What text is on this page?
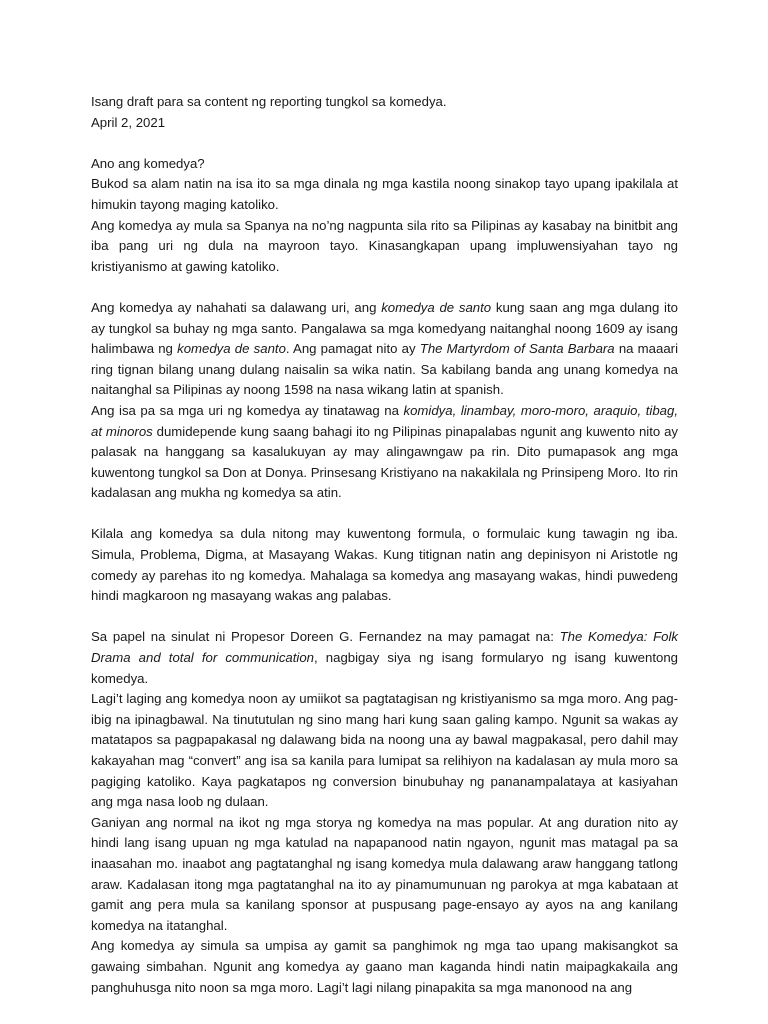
Isang draft para sa content ng reporting tungkol sa komedya.

April 2, 2021

Ano ang komedya?

Bukod sa alam natin na isa ito sa mga dinala ng mga kastila noong sinakop tayo upang ipakilala at himukin tayong maging katoliko.

Ang komedya ay mula sa Spanya na no’ng nagpunta sila rito sa Pilipinas ay kasabay na binitbit ang iba pang uri ng dula na mayroon tayo. Kinasangkapan upang impluwensiyahan tayo ng kristiyanismo at gawing katoliko.

Ang komedya ay nahahati sa dalawang uri, ang komedya de santo kung saan ang mga dulang ito ay tungkol sa buhay ng mga santo. Pangalawa sa mga komedyang naitanghal noong 1609 ay isang halimbawa ng komedya de santo. Ang pamagat nito ay The Martyrdom of Santa Barbara na maaari ring tignan bilang unang dulang naisalin sa wika natin. Sa kabilang banda ang unang komedya na naitanghal sa Pilipinas ay noong 1598 na nasa wikang latin at spanish.

Ang isa pa sa mga uri ng komedya ay tinatawag na komidya, linambay, moro-moro, araquio, tibag, at minoros dumidepende kung saang bahagi ito ng Pilipinas pinapalabas ngunit ang kuwento nito ay palasak na hanggang sa kasalukuyan ay may alingawngaw pa rin. Dito pumapasok ang mga kuwentong tungkol sa Don at Donya. Prinsesang Kristiyano na nakakilala ng Prinsipeng Moro. Ito rin kadalasan ang mukha ng komedya sa atin.

Kilala ang komedya sa dula nitong may kuwentong formula, o formulaic kung tawagin ng iba. Simula, Problema, Digma, at Masayang Wakas. Kung titignan natin ang depinisyon ni Aristotle ng comedy ay parehas ito ng komedya. Mahalaga sa komedya ang masayang wakas, hindi puwedeng hindi magkaroon ng masayang wakas ang palabas.

Sa papel na sinulat ni Propesor Doreen G. Fernandez na may pamagat na: The Komedya: Folk Drama and total for communication, nagbigay siya ng isang formularyo ng isang kuwentong komedya.

Lagi’t laging ang komedya noon ay umiikot sa pagtatagisan ng kristiyanismo sa mga moro. Ang pag-ibig na ipinagbawal. Na tinututulan ng sino mang hari kung saan galing kampo. Ngunit sa wakas ay matatapos sa pagpapakasal ng dalawang bida na noong una ay bawal magpakasal, pero dahil may kakayahan mag “convert” ang isa sa kanila para lumipat sa relihiyon na kadalasan ay mula moro sa pagiging katoliko. Kaya pagkatapos ng conversion binubuhay ng pananampalataya at kasiyahan ang mga nasa loob ng dulaan.

Ganiyan ang normal na ikot ng mga storya ng komedya na mas popular. At ang duration nito ay hindi lang isang upuan ng mga katulad na napapanood natin ngayon, ngunit mas matagal pa sa inaasahan mo. inaabot ang pagtatanghal ng isang komedya mula dalawang araw hanggang tatlong araw. Kadalasan itong mga pagtatanghal na ito ay pinamumunuan ng parokya at mga kabataan at gamit ang pera mula sa kanilang sponsor at puspusang page-ensayo ay ayos na ang kanilang komedya na itatanghal.

Ang komedya ay simula sa umpisa ay gamit sa panghimok ng mga tao upang makisangkot sa gawaing simbahan. Ngunit ang komedya ay gaano man kaganda hindi natin maipagkakaila ang panghuhusga nito noon sa mga moro. Lagi’t lagi nilang pinapakita sa mga manonood na ang
